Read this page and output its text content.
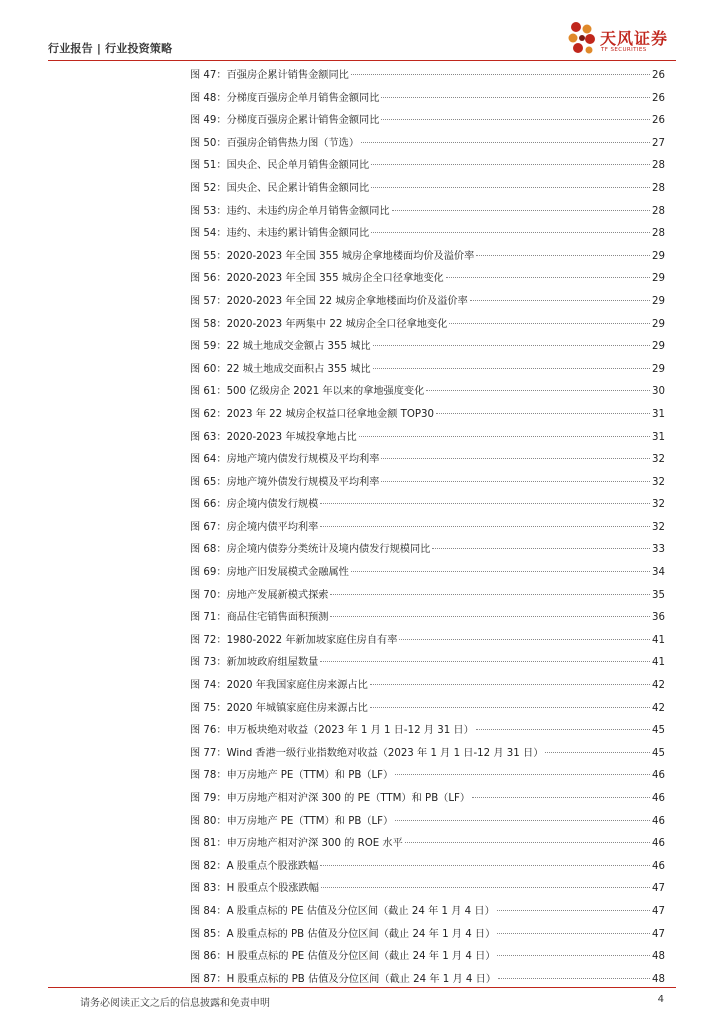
行业报告 | 行业投资策略
天风证券
TF SECURITIES
图 47：百强房企累计销售金额同比	26
图 48：分梯度百强房企单月销售金额同比	26
图 49：分梯度百强房企累计销售金额同比	26
图 50：百强房企销售热力图（节选）	27
图 51：国央企、民企单月销售金额同比	28
图 52：国央企、民企累计销售金额同比	28
图 53：违约、未违约房企单月销售金额同比	28
图 54：违约、未违约累计销售金额同比	28
图 55：2020-2023 年全国 355 城房企拿地楼面均价及溢价率	29
图 56：2020-2023 年全国 355 城房企全口径拿地变化	29
图 57：2020-2023 年全国 22 城房企拿地楼面均价及溢价率	29
图 58：2020-2023 年两集中 22 城房企全口径拿地变化	29
图 59：22 城土地成交金额占 355 城比	29
图 60：22 城土地成交面积占 355 城比	29
图 61：500 亿级房企 2021 年以来的拿地强度变化	30
图 62：2023 年 22 城房企权益口径拿地金额 TOP30	31
图 63：2020-2023 年城投拿地占比	31
图 64：房地产境内债发行规模及平均利率	32
图 65：房地产境外债发行规模及平均利率	32
图 66：房企境内债发行规模	32
图 67：房企境内债平均利率	32
图 68：房企境内债券分类统计及境内债发行规模同比	33
图 69：房地产旧发展模式金融属性	34
图 70：房地产发展新模式探索	35
图 71：商品住宅销售面积预测	36
图 72：1980-2022 年新加坡家庭住房自有率	41
图 73：新加坡政府组屋数量	41
图 74：2020 年我国家庭住房来源占比	42
图 75：2020 年城镇家庭住房来源占比	42
图 76：申万板块绝对收益（2023 年 1 月 1 日-12 月 31 日）	45
图 77：Wind 香港一级行业指数绝对收益（2023 年 1 月 1 日-12 月 31 日）	45
图 78：申万房地产 PE（TTM）和 PB（LF）	46
图 79：申万房地产相对沪深 300 的 PE（TTM）和 PB（LF）	46
图 80：申万房地产 PE（TTM）和 PB（LF）	46
图 81：申万房地产相对沪深 300 的 ROE 水平	46
图 82：A 股重点个股涨跌幅	46
图 83：H 股重点个股涨跌幅	47
图 84：A 股重点标的 PE 估值及分位区间（截止 24 年 1 月 4 日）	47
图 85：A 股重点标的 PB 估值及分位区间（截止 24 年 1 月 4 日）	47
图 86：H 股重点标的 PE 估值及分位区间（截止 24 年 1 月 4 日）	48
图 87：H 股重点标的 PB 估值及分位区间（截止 24 年 1 月 4 日）	48
请务必阅读正文之后的信息披露和免责申明	4
